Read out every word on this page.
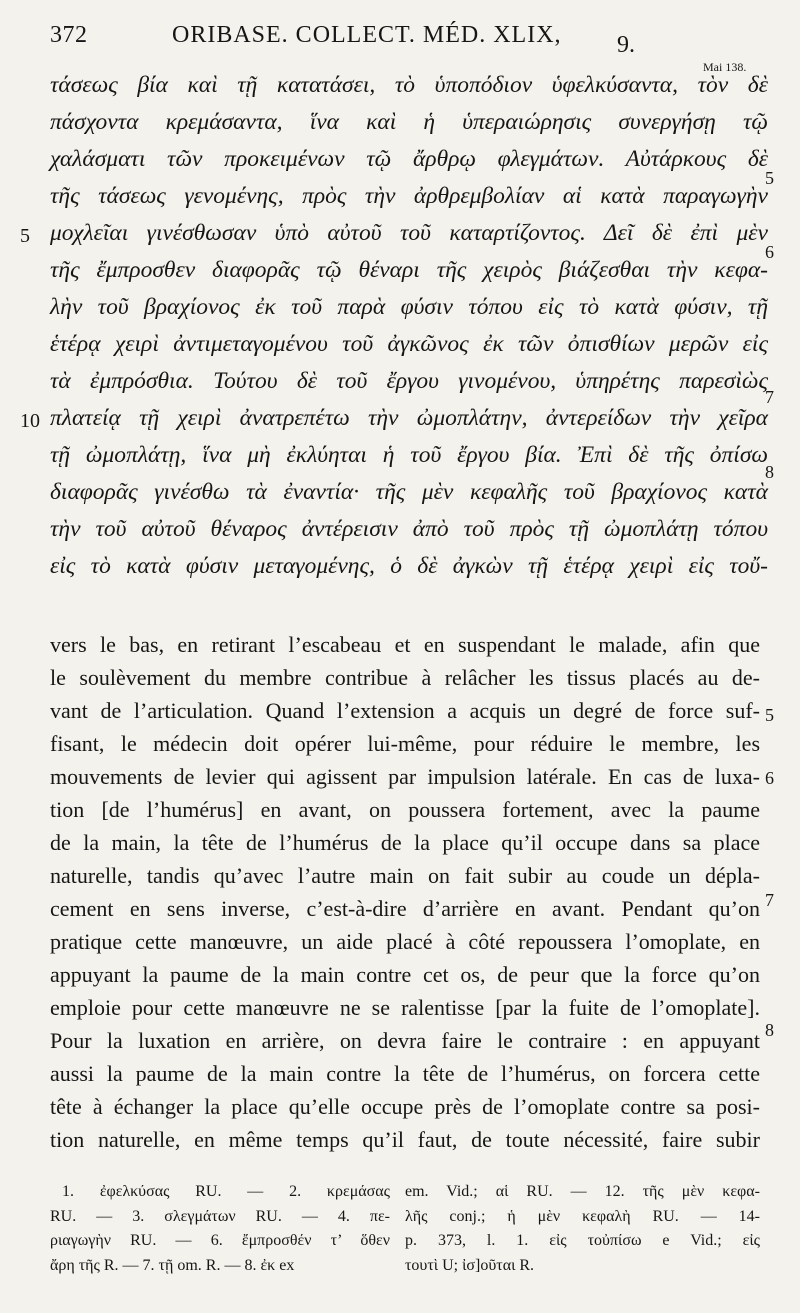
372	ORIBASE. COLLECT. MÉD. XLIX, 9.
Mai 138.
τάσεως βία καὶ τῇ κατατάσει, τὸ ὑποπόδιον ὑφελκύσαντα, τὸν δὲ
πάσχοντα κρεμάσαντα, ἵνα καὶ ἡ ὑπεραιώρησις συνεργήσῃ τῷ
χαλάσματι τῶν προκειμένων τῷ ἄρθρῳ φλεγμάτων. Αὐτάρκους δὲ
τῆς τάσεως γενομένης, πρὸς τὴν ἀρθρεμβολίαν αἱ κατὰ παραγωγὴν
μοχλεῖαι γινέσθωσαν ὑπὸ αὐτοῦ τοῦ καταρτίζοντος. Δεῖ δὲ ἐπὶ μὲν
τῆς ἔμπροσθεν διαφορᾶς τῷ θέναρι τῆς χειρὸς βιάζεσθαι τὴν κεφα-
λὴν τοῦ βραχίονος ἐκ τοῦ παρὰ φύσιν τόπου εἰς τὸ κατὰ φύσιν, τῇ
ἑτέρᾳ χειρὶ ἀντιμεταγομένου τοῦ ἀγκῶνος ἐκ τῶν ὀπισθίων μερῶν εἰς
τὰ ἐμπρόσθια. Τούτου δὲ τοῦ ἔργου γινομένου, ὑπηρέτης παρεσὶὼς
πλατείᾳ τῇ χειρὶ ἀνατρεπέτω τὴν ὠμοπλάτην, ἀντερείδων τὴν χεῖρα
τῇ ὠμοπλάτῃ, ἵνα μὴ ἐκλύηται ἡ τοῦ ἔργου βία. Ἐπὶ δὲ τῆς ὀπίσω
διαφορᾶς γινέσθω τὰ ἐναντία· τῆς μὲν κεφαλῆς τοῦ βραχίονος κατὰ
τὴν τοῦ αὐτοῦ θέναρος ἀντέρεισιν ἀπὸ τοῦ πρὸς τῇ ὠμοπλάτῃ τόπου
εἰς τὸ κατὰ φύσιν μεταγομένης, ὁ δὲ ἀγκὼν τῇ ἑτέρᾳ χειρὶ εἰς τοὔ-
5
10
5
6
7
8
vers le bas, en retirant l’escabeau et en suspendant le malade, afin que
le soulèvement du membre contribue à relâcher les tissus placés au de-
vant de l’articulation. Quand l’extension a acquis un degré de force suf-
fisant, le médecin doit opérer lui-même, pour réduire le membre, les
mouvements de levier qui agissent par impulsion latérale. En cas de luxa-
tion [de l’humérus] en avant, on poussera fortement, avec la paume
de la main, la tête de l’humérus de la place qu’il occupe dans sa place
naturelle, tandis qu’avec l’autre main on fait subir au coude un dépla-
cement en sens inverse, c’est-à-dire d’arrière en avant. Pendant qu’on
pratique cette manœuvre, un aide placé à côté repoussera l’omoplate, en
appuyant la paume de la main contre cet os, de peur que la force qu’on
emploie pour cette manœuvre ne se ralentisse [par la fuite de l’omoplate].
Pour la luxation en arrière, on devra faire le contraire : en appuyant
aussi la paume de la main contre la tête de l’humérus, on forcera cette
tête à échanger la place qu’elle occupe près de l’omoplate contre sa posi-
tion naturelle, en même temps qu’il faut, de toute nécessité, faire subir
5
6
7
8
1. ἐφελκύσας RU. — 2. κρεμάσας
RU. — 3. σλεγμάτων RU. — 4. πε-
ριαγωγὴν RU. — 6. ἔμπροσθέν τ’ ὅθεν
ἄρη τῆς R. — 7. τῇ om. R. — 8. ἐκ ex
em. Vid.; αἱ RU. — 12. τῆς μὲν κεφα-
λῆς conj.; ἡ μὲν κεφαλὴ RU. — 14-
p. 373, l. 1. εἰς τοὐπίσω e Vid.; εἰς
τουτὶ U; ἰσ]οῦται R.
